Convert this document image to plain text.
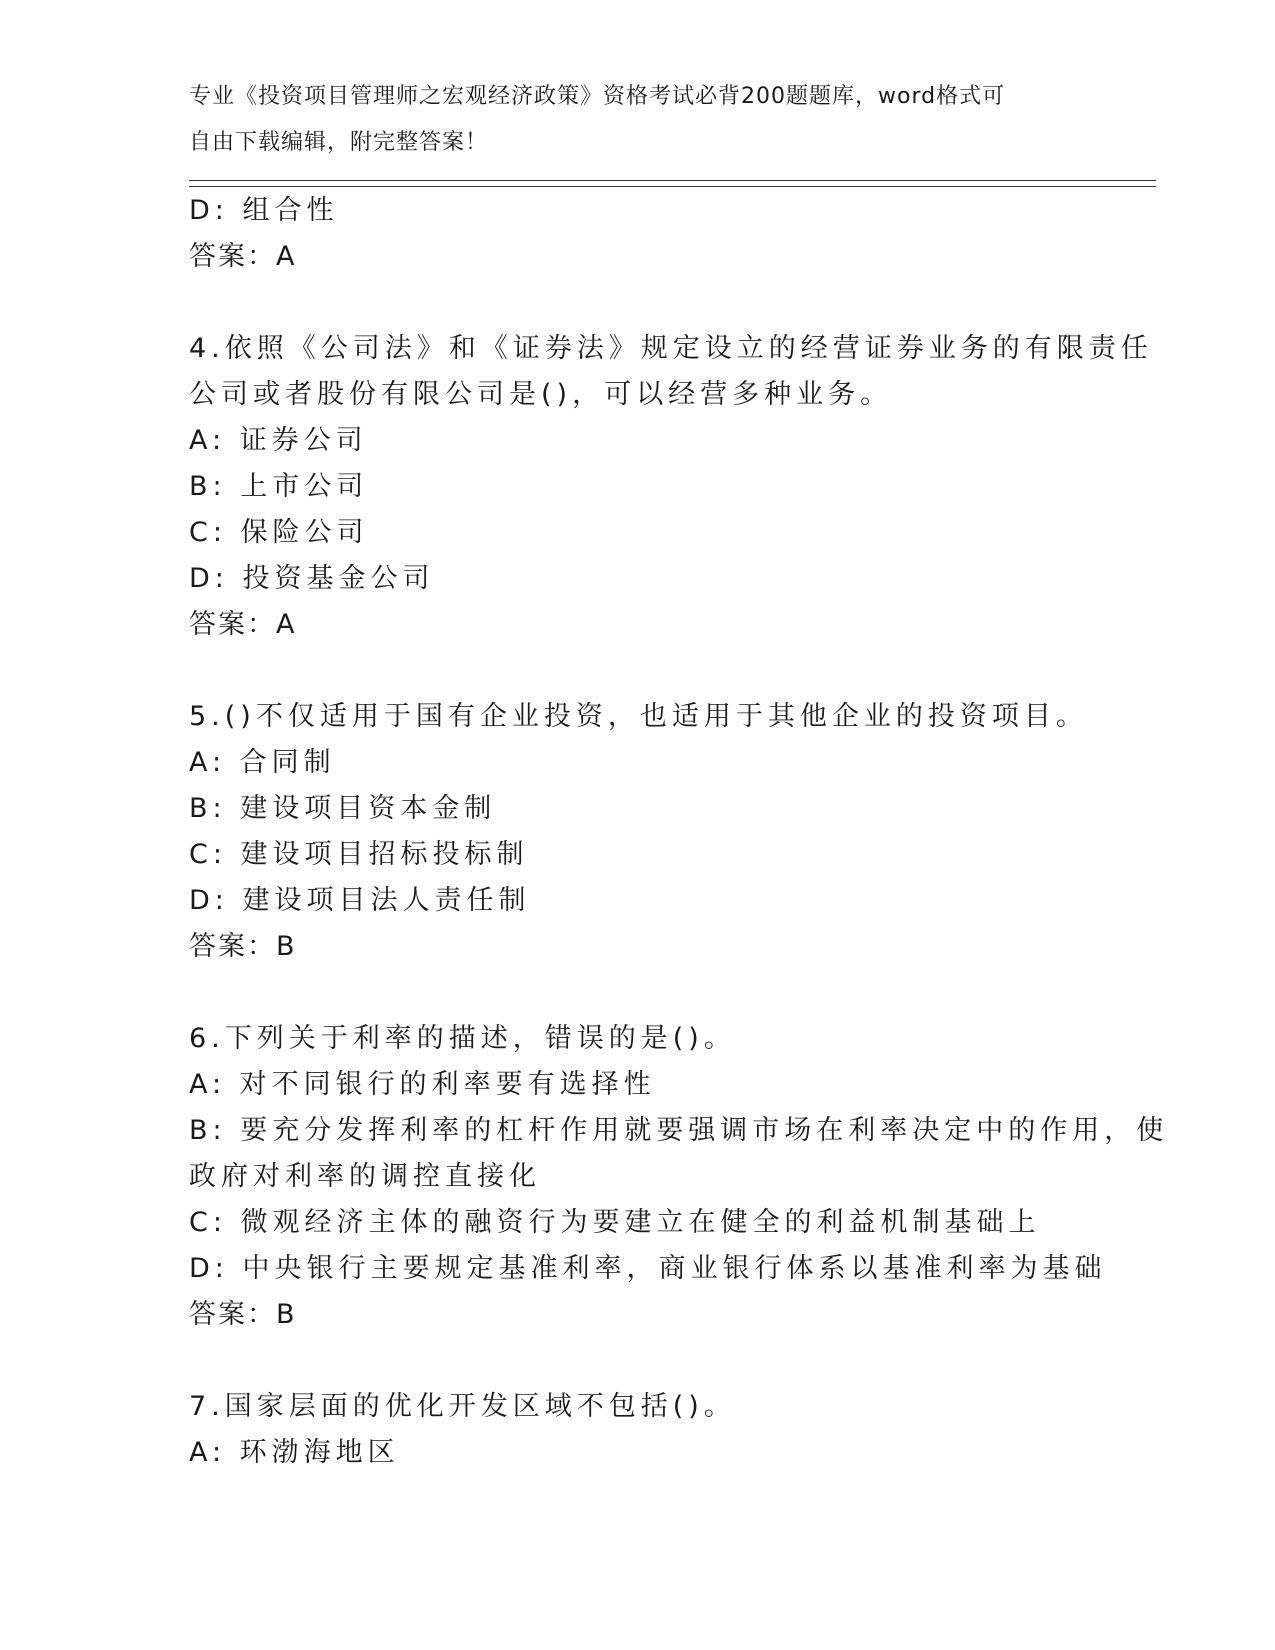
专业《投资项目管理师之宏观经济政策》资格考试必背200题题库，word格式可
自由下载编辑，附完整答案！
D: 组合性
答案：A
4.依照《公司法》和《证券法》规定设立的经营证券业务的有限责任
公司或者股份有限公司是()，可以经营多种业务。
A: 证券公司
B: 上市公司
C: 保险公司
D: 投资基金公司
答案：A
5.()不仅适用于国有企业投资，也适用于其他企业的投资项目。
A: 合同制
B: 建设项目资本金制
C: 建设项目招标投标制
D: 建设项目法人责任制
答案：B
6.下列关于利率的描述，错误的是()。
A: 对不同银行的利率要有选择性
B: 要充分发挥利率的杠杆作用就要强调市场在利率决定中的作用，使
政府对利率的调控直接化
C: 微观经济主体的融资行为要建立在健全的利益机制基础上
D: 中央银行主要规定基准利率，商业银行体系以基准利率为基础
答案：B
7.国家层面的优化开发区域不包括()。
A: 环渤海地区
